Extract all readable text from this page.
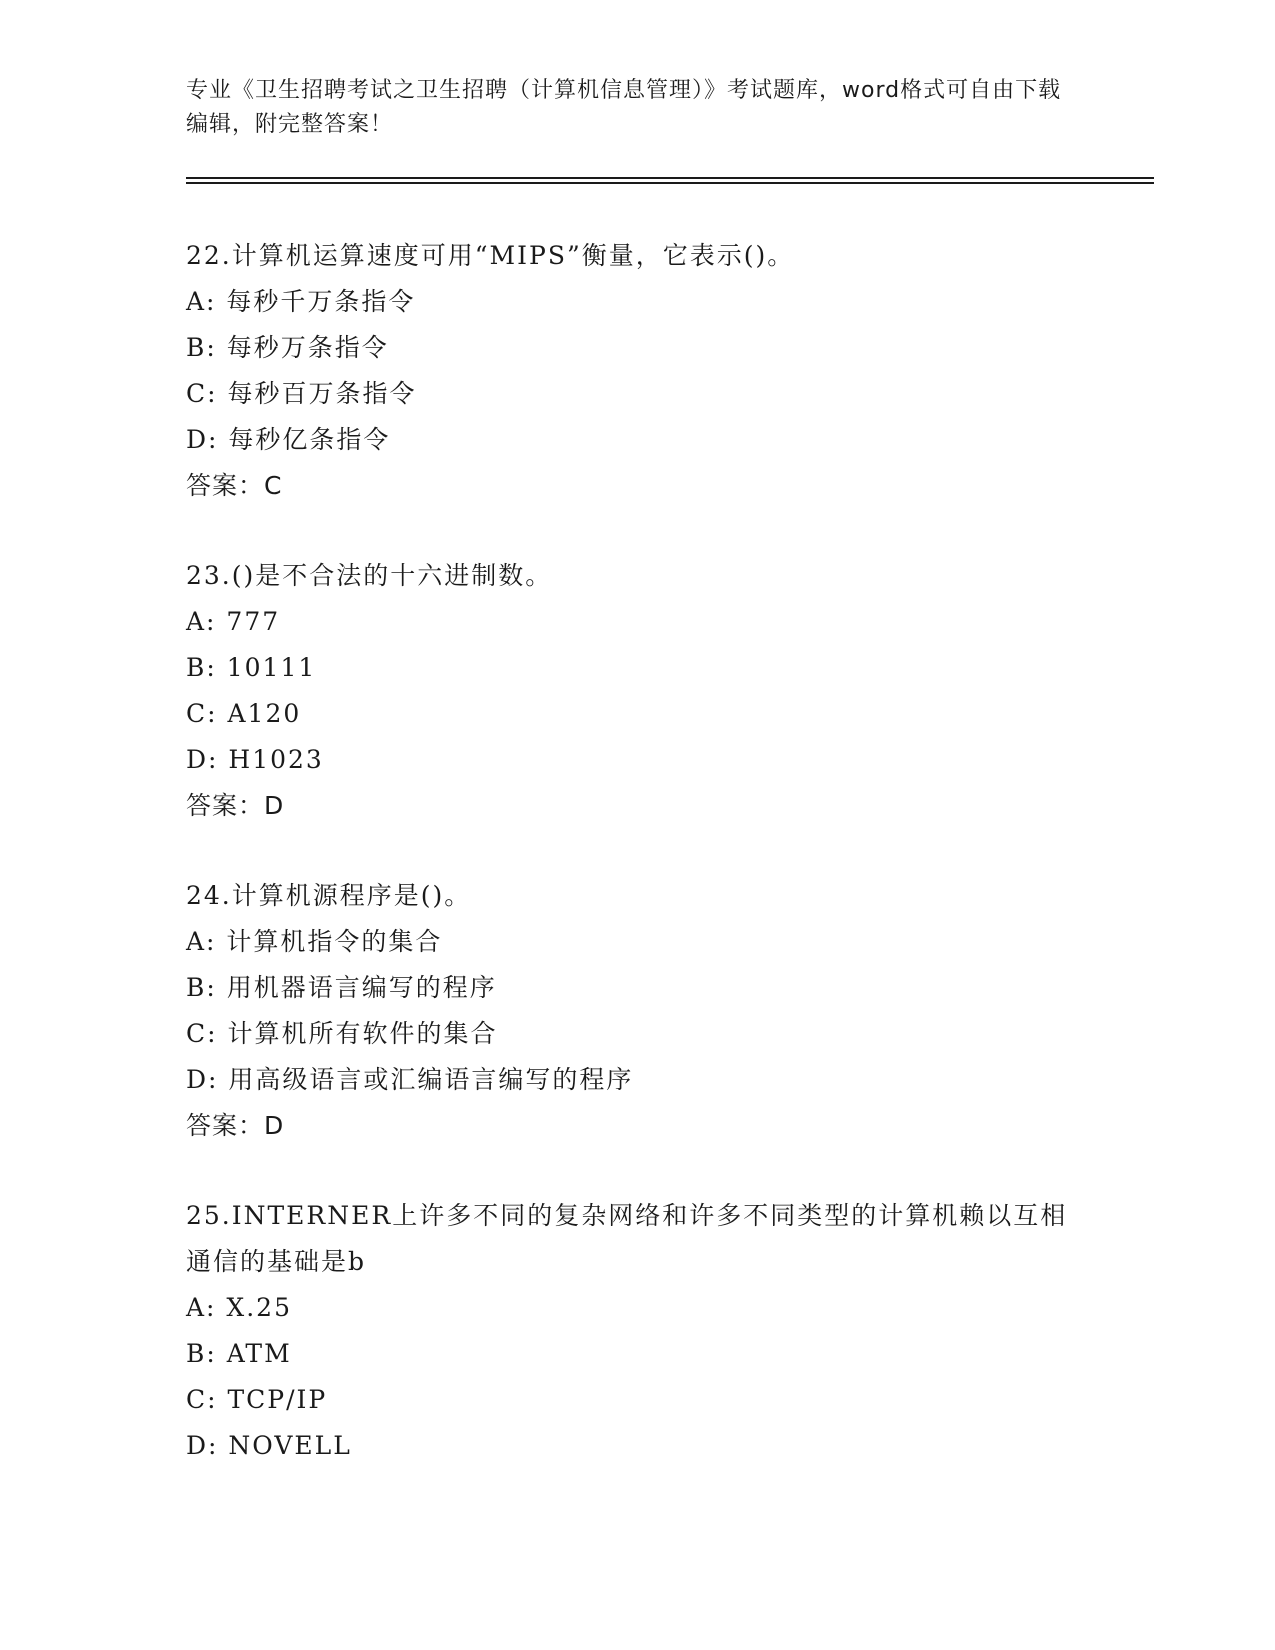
专业《卫生招聘考试之卫生招聘（计算机信息管理）》考试题库，word格式可自由下载编辑，附完整答案！
22.计算机运算速度可用“MIPS”衡量，它表示()。
A: 每秒千万条指令
B: 每秒万条指令
C: 每秒百万条指令
D: 每秒亿条指令
答案：C
23.()是不合法的十六进制数。
A: 777
B: 10111
C: A120
D: H1023
答案：D
24.计算机源程序是()。
A: 计算机指令的集合
B: 用机器语言编写的程序
C: 计算机所有软件的集合
D: 用高级语言或汇编语言编写的程序
答案：D
25.INTERNER上许多不同的复杂网络和许多不同类型的计算机赖以互相通信的基础是b
A: X.25
B: ATM
C: TCP/IP
D: NOVELL
